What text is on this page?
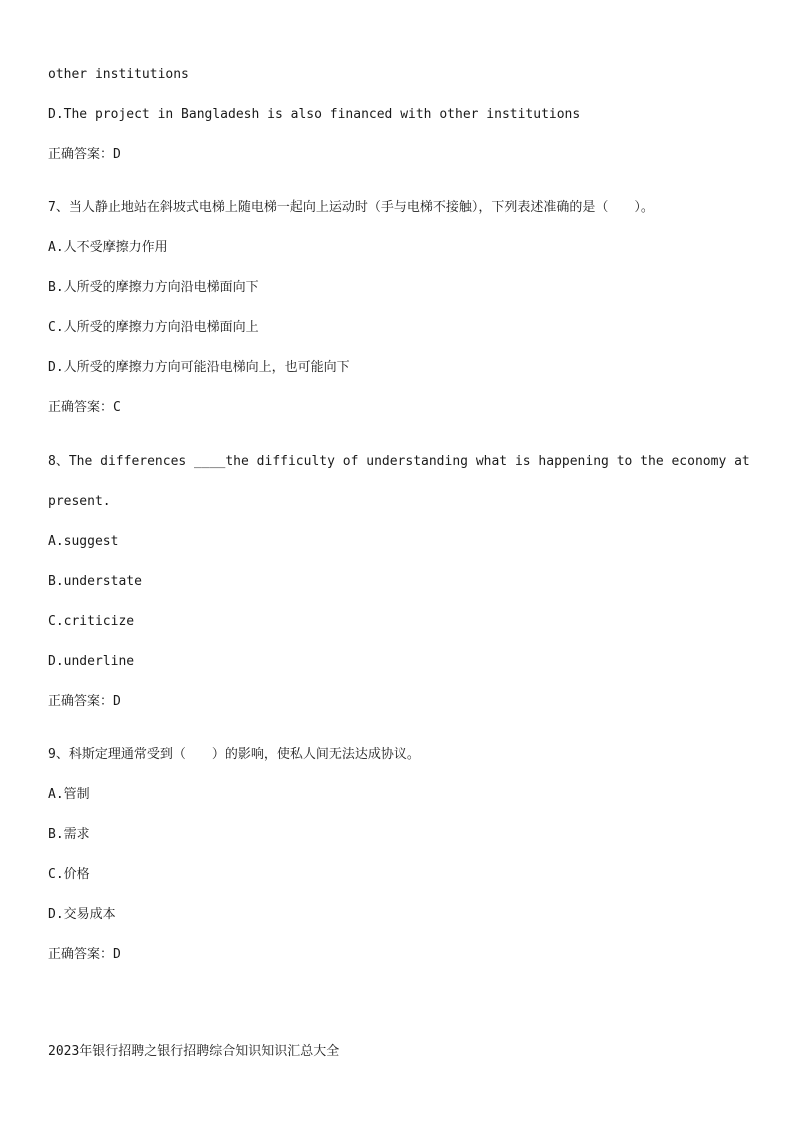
other institutions
D.The project in Bangladesh is also financed with other institutions
正确答案：D
7、当人静止地站在斜坡式电梯上随电梯一起向上运动时（手与电梯不接触），下列表述准确的是（　　）。
A.人不受摩擦力作用
B.人所受的摩擦力方向沿电梯面向下
C.人所受的摩擦力方向沿电梯面向上
D.人所受的摩擦力方向可能沿电梯向上，也可能向下
正确答案：C
8、The differences ____the difficulty of understanding what is happening to the economy at
present.
A.suggest
B.understate
C.criticize
D.underline
正确答案：D
9、科斯定理通常受到（　　）的影响，使私人间无法达成协议。
A.管制
B.需求
C.价格
D.交易成本
正确答案：D
2023年银行招聘之银行招聘综合知识知识汇总大全
